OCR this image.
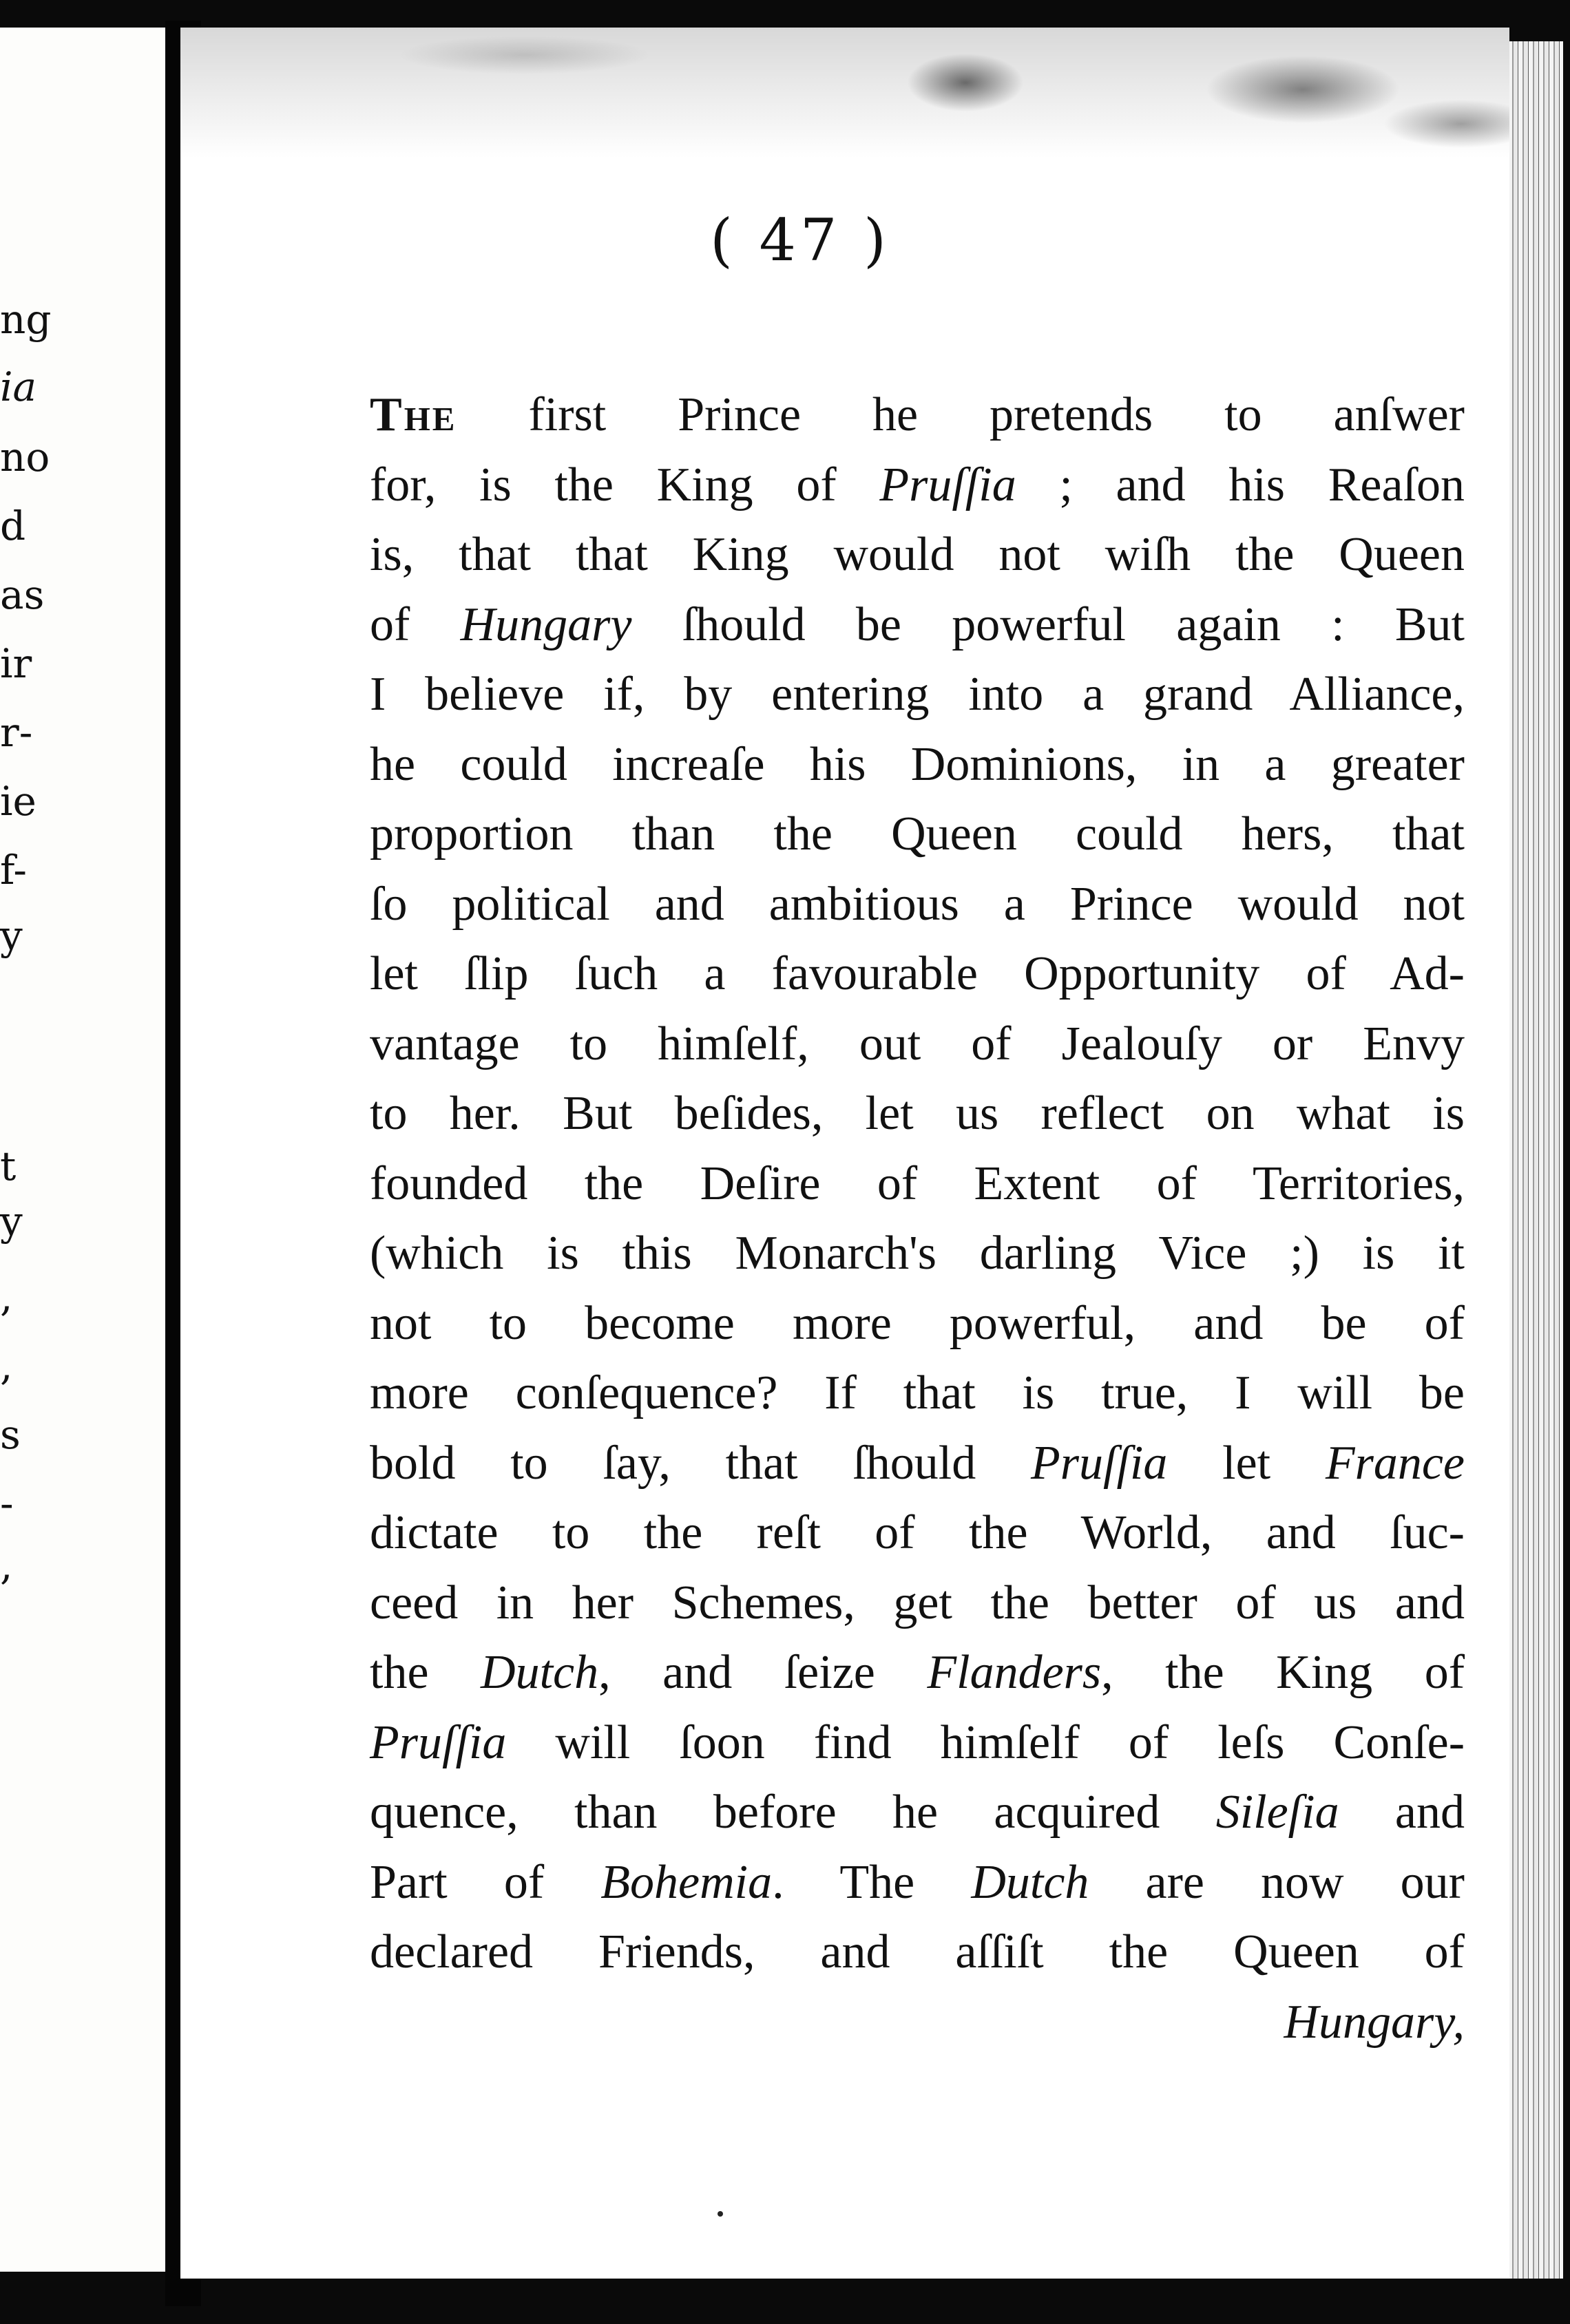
ng
ia
no
d
as
ir
r-
ie
f-
y
t
y
,
,
s
-
,
( 47 )
The first Prince he pretends to anſwer
for, is the King of Pruſſia ; and his Reaſon
is, that that King would not wiſh the Queen
of Hungary ſhould be powerful again : But
I believe if, by entering into a grand Alliance,
he could increaſe his Dominions, in a greater
proportion than the Queen could hers, that
ſo political and ambitious a Prince would not
let ſlip ſuch a favourable Opportunity of Ad-
vantage to himſelf, out of Jealouſy or Envy
to her. But beſides, let us reflect on what is
founded the Deſire of Extent of Territories,
(which is this Monarch's darling Vice ;) is it
not to become more powerful, and be of
more conſequence? If that is true, I will be
bold to ſay, that ſhould Pruſſia let France
dictate to the reſt of the World, and ſuc-
ceed in her Schemes, get the better of us and
the Dutch, and ſeize Flanders, the King of
Pruſſia will ſoon find himſelf of leſs Conſe-
quence, than before he acquired Sileſia and
Part of Bohemia. The Dutch are now our
declared Friends, and aſſiſt the Queen of
Hungary,
